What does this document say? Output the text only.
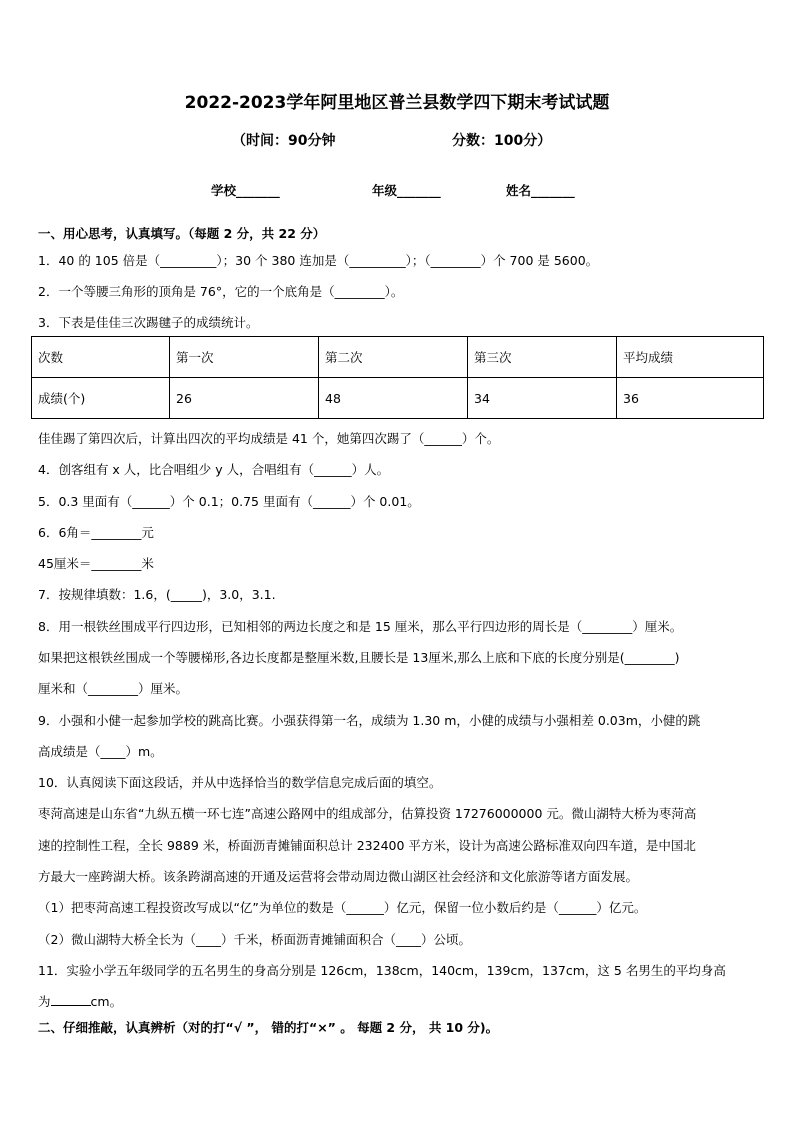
2022-2023学年阿里地区普兰县数学四下期末考试试题
（时间：90分钟	分数：100分）
学校_______	年级_______	姓名_______
一、用心思考，认真填写。（每题 2 分，共 22 分）
1．40 的 105 倍是（_________）；30 个 380 连加是（_________）；（________）个 700 是 5600。
2．一个等腰三角形的顶角是 76°，它的一个底角是（________）。
3．下表是佳佳三次踢毽子的成绩统计。
次数	第一次	第二次	第三次	平均成绩
成绩(个)	26	48	34	36
佳佳踢了第四次后，计算出四次的平均成绩是 41 个，她第四次踢了（______）个。
4．创客组有 x 人，比合唱组少 y 人，合唱组有（______）人。
5．0.3 里面有（______）个 0.1；0.75 里面有（______）个 0.01。
6．6角＝________元
45厘米＝________米
7．按规律填数：1.6，(_____)，3.0，3.1.
8．用一根铁丝围成平行四边形，已知相邻的两边长度之和是 15 厘米，那么平行四边形的周长是（________）厘米。
如果把这根铁丝围成一个等腰梯形,各边长度都是整厘米数,且腰长是 13厘米,那么上底和下底的长度分别是(________)
厘米和（________）厘米。
9．小强和小健一起参加学校的跳高比赛。小强获得第一名，成绩为 1.30 m，小健的成绩与小强相差 0.03m，小健的跳
高成绩是（____）m。
10．认真阅读下面这段话，并从中选择恰当的数学信息完成后面的填空。
枣菏高速是山东省“九纵五横一环七连”高速公路网中的组成部分，估算投资 17276000000 元。微山湖特大桥为枣菏高
速的控制性工程，全长 9889 米，桥面沥青摊铺面积总计 232400 平方米，设计为高速公路标准双向四车道，是中国北
方最大一座跨湖大桥。该条跨湖高速的开通及运营将会带动周边微山湖区社会经济和文化旅游等诸方面发展。
（1）把枣菏高速工程投资改写成以“亿”为单位的数是（______）亿元，保留一位小数后约是（______）亿元。
（2）微山湖特大桥全长为（____）千米，桥面沥青摊铺面积合（____）公顷。
11．实验小学五年级同学的五名男生的身高分别是 126cm，138cm，140cm，139cm，137cm，这 5 名男生的平均身高
为	cm。
二、仔细推敲，认真辨析（对的打“√ ”， 错的打“×” 。 每题 2 分， 共 10 分)。
